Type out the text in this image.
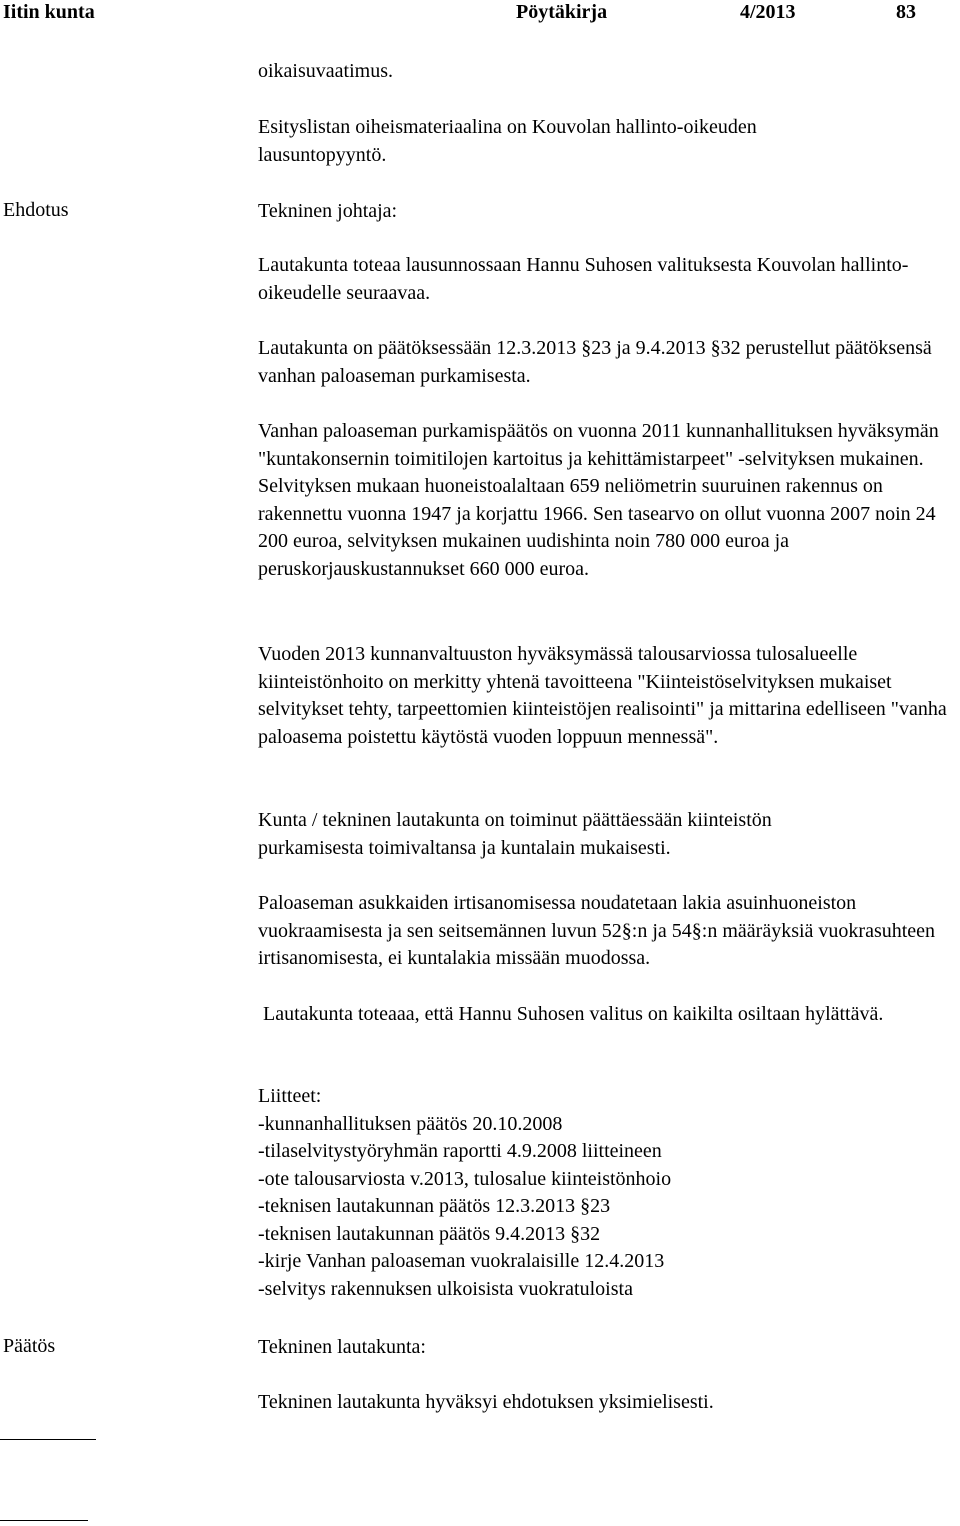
Iitin kunta	Pöytäkirja	4/2013	83
Ehdotus
Päätös

oikaisuvaatimus.

Esityslistan oiheismateriaalina on Kouvolan hallinto-oikeuden lausuntopyyntö.

Tekninen johtaja:

Lautakunta toteaa lausunnossaan Hannu Suhosen valituksesta Kouvolan hallinto-oikeudelle seuraavaa.

Lautakunta on päätöksessään 12.3.2013 §23 ja 9.4.2013 §32 perustellut päätöksensä vanhan paloaseman purkamisesta.

Vanhan paloaseman purkamispäätös on vuonna 2011 kunnanhallituksen hyväksymän "kuntakonsernin toimitilojen kartoitus ja kehittämistarpeet" -selvityksen mukainen. Selvityksen mukaan huoneistoalaltaan 659 neliömetrin suuruinen rakennus on rakennettu vuonna 1947 ja korjattu 1966. Sen tasearvo on ollut vuonna 2007 noin 24 200 euroa, selvityksen mukainen uudishinta noin 780 000 euroa ja peruskorjauskustannukset 660 000 euroa.

Vuoden 2013 kunnanvaltuuston hyväksymässä talousarviossa tulosalueelle kiinteistönhoito on merkitty yhtenä tavoitteena "Kiinteistöselvityksen mukaiset selvitykset tehty, tarpeettomien kiinteistöjen realisointi" ja mittarina edelliseen "vanha paloasema poistettu käytöstä vuoden loppuun mennessä".

Kunta / tekninen lautakunta on toiminut päättäessään kiinteistön purkamisesta toimivaltansa ja kuntalain mukaisesti.

Paloaseman asukkaiden irtisanomisessa noudatetaan lakia asuinhuoneiston vuokraamisesta ja sen seitsemännen luvun 52§:n ja 54§:n määräyksiä vuokrasuhteen irtisanomisesta, ei kuntalakia missään muodossa.

Lautakunta toteaaa, että Hannu Suhosen valitus on kaikilta osiltaan hylättävä.

Liitteet:

-kunnanhallituksen päätös 20.10.2008

-tilaselvitystyöryhmän raportti 4.9.2008 liitteineen

-ote talousarviosta v.2013, tulosalue kiinteistönhoio

-teknisen lautakunnan päätös 12.3.2013 §23

-teknisen lautakunnan päätös 9.4.2013 §32

-kirje Vanhan paloaseman vuokralaisille 12.4.2013

-selvitys rakennuksen ulkoisista vuokratuloista

Tekninen lautakunta:

Tekninen lautakunta hyväksyi ehdotuksen yksimielisesti.
